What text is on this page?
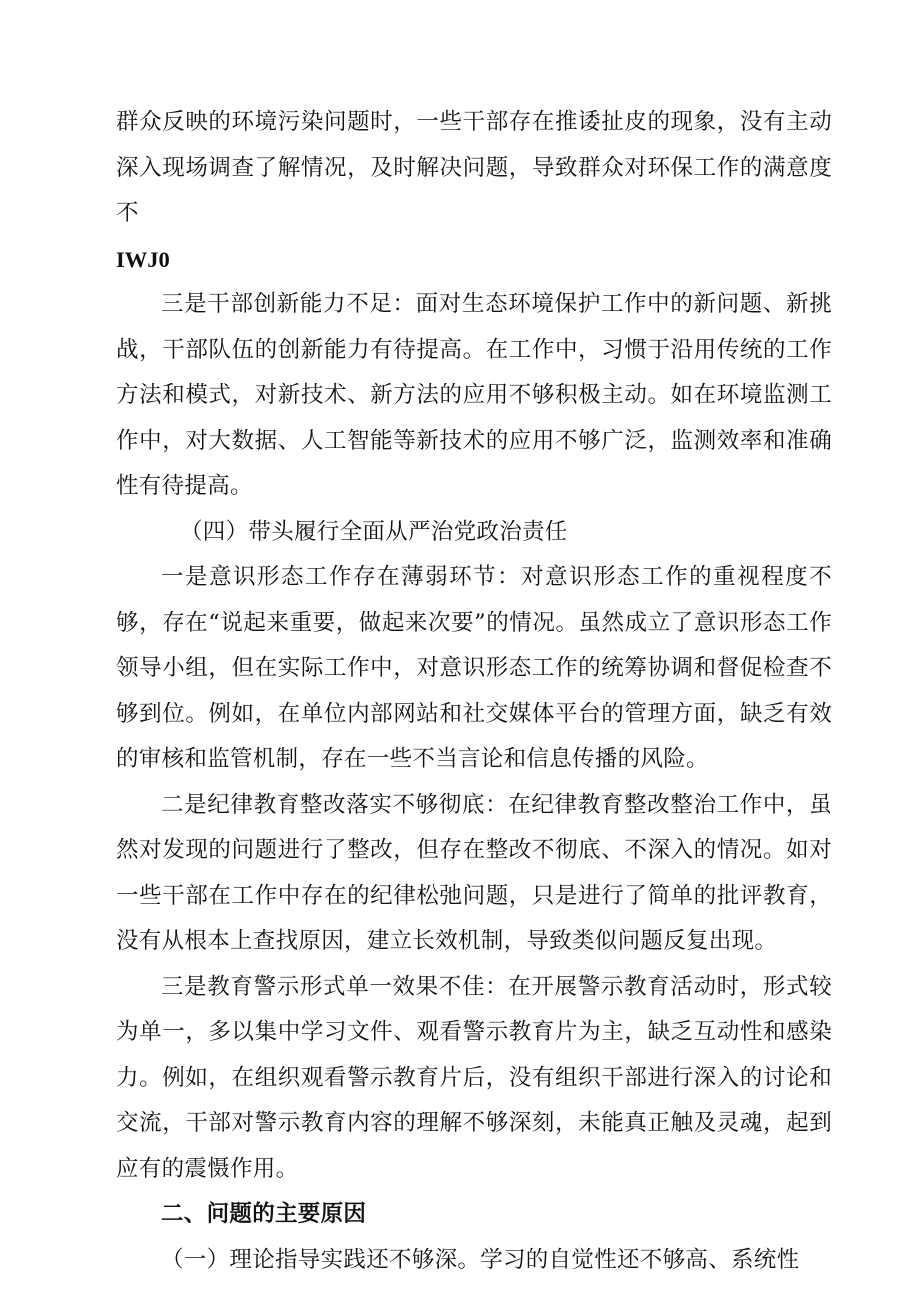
群众反映的环境污染问题时，一些干部存在推诿扯皮的现象，没有主动深入现场调查了解情况，及时解决问题，导致群众对环保工作的满意度不
IWJ0

三是干部创新能力不足：面对生态环境保护工作中的新问题、新挑战，干部队伍的创新能力有待提高。在工作中，习惯于沿用传统的工作方法和模式，对新技术、新方法的应用不够积极主动。如在环境监测工作中，对大数据、人工智能等新技术的应用不够广泛，监测效率和准确性有待提高。

（四）带头履行全面从严治党政治责任

一是意识形态工作存在薄弱环节：对意识形态工作的重视程度不够，存在“说起来重要，做起来次要”的情况。虽然成立了意识形态工作领导小组，但在实际工作中，对意识形态工作的统筹协调和督促检查不够到位。例如，在单位内部网站和社交媒体平台的管理方面，缺乏有效的审核和监管机制，存在一些不当言论和信息传播的风险。

二是纪律教育整改落实不够彻底：在纪律教育整改整治工作中，虽然对发现的问题进行了整改，但存在整改不彻底、不深入的情况。如对一些干部在工作中存在的纪律松弛问题，只是进行了简单的批评教育，没有从根本上查找原因，建立长效机制，导致类似问题反复出现。

三是教育警示形式单一效果不佳：在开展警示教育活动时，形式较为单一，多以集中学习文件、观看警示教育片为主，缺乏互动性和感染力。例如，在组织观看警示教育片后，没有组织干部进行深入的讨论和交流，干部对警示教育内容的理解不够深刻，未能真正触及灵魂，起到应有的震慑作用。

二、问题的主要原因

（一）理论指导实践还不够深。学习的自觉性还不够高、系统性
